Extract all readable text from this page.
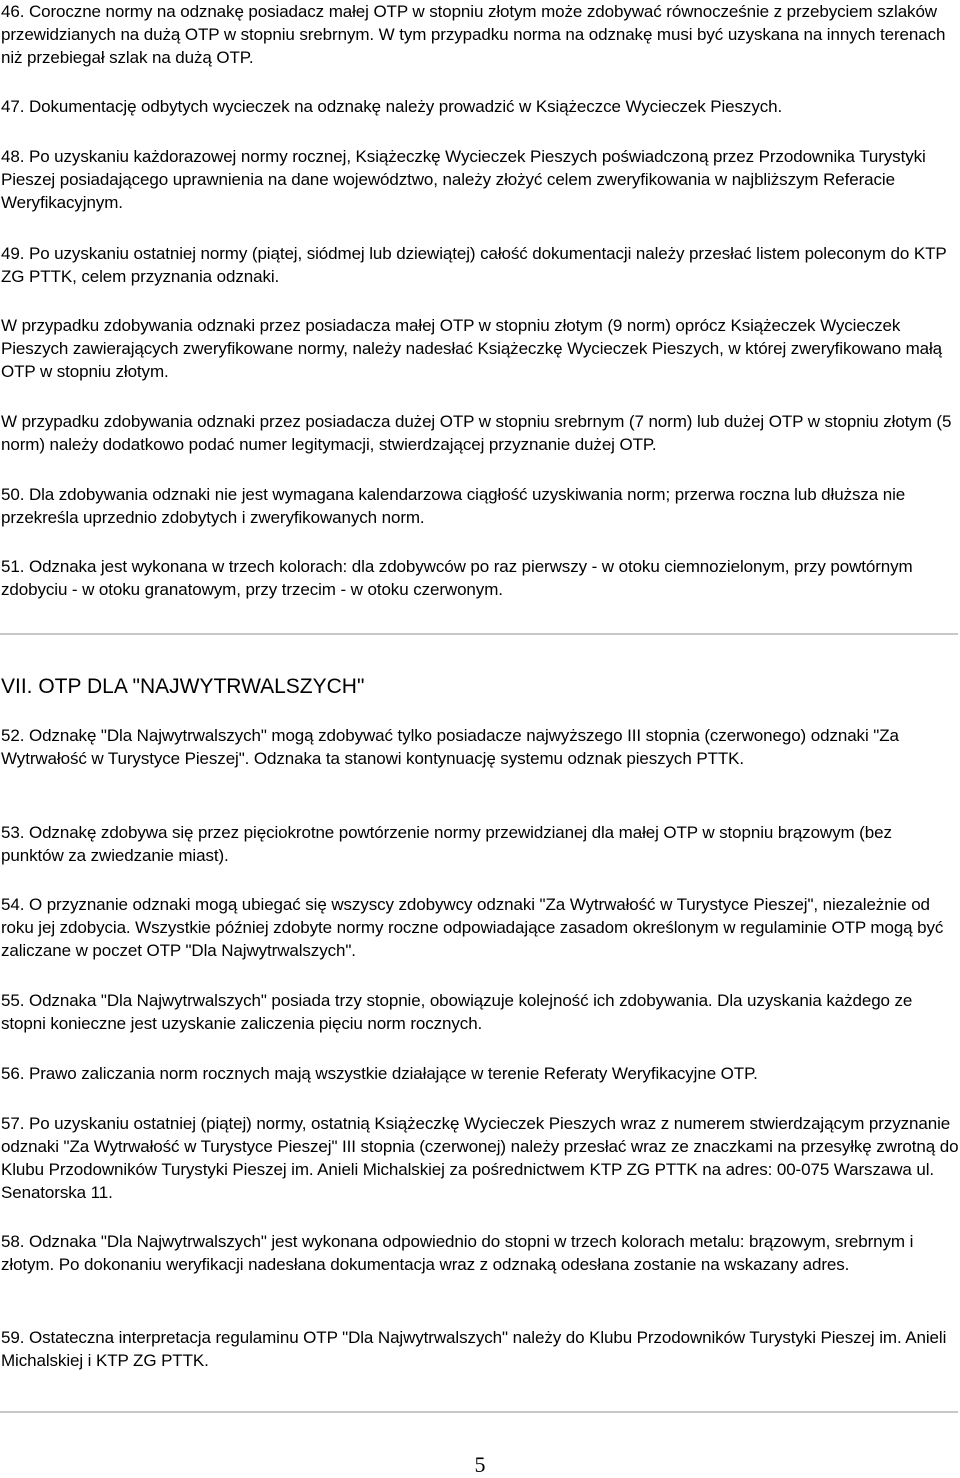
46. Coroczne normy na odznakę posiadacz małej OTP w stopniu złotym może zdobywać równocześnie z przebyciem szlaków przewidzianych na dużą OTP w stopniu srebrnym. W tym przypadku norma na odznakę musi być uzyskana na innych terenach niż przebiegał szlak na dużą OTP.

47. Dokumentację odbytych wycieczek na odznakę należy prowadzić w Książeczce Wycieczek Pieszych.

48. Po uzyskaniu każdorazowej normy rocznej, Książeczkę Wycieczek Pieszych poświadczoną przez Przodownika Turystyki Pieszej posiadającego uprawnienia na dane województwo, należy złożyć celem zweryfikowania w najbliższym Referacie Weryfikacyjnym.

49. Po uzyskaniu ostatniej normy (piątej, siódmej lub dziewiątej) całość dokumentacji należy przesłać listem poleconym do KTP ZG PTTK, celem przyznania odznaki.

W przypadku zdobywania odznaki przez posiadacza małej OTP w stopniu złotym (9 norm) oprócz Książeczek Wycieczek Pieszych zawierających zweryfikowane normy, należy nadesłać Książeczkę Wycieczek Pieszych, w której zweryfikowano małą OTP w stopniu złotym.

W przypadku zdobywania odznaki przez posiadacza dużej OTP w stopniu srebrnym (7 norm) lub dużej OTP w stopniu złotym (5 norm) należy dodatkowo podać numer legitymacji, stwierdzającej przyznanie dużej OTP.

50. Dla zdobywania odznaki nie jest wymagana kalendarzowa ciągłość uzyskiwania norm; przerwa roczna lub dłuższa nie przekreśla uprzednio zdobytych i zweryfikowanych norm.

51. Odznaka jest wykonana w trzech kolorach: dla zdobywców po raz pierwszy - w otoku ciemnozielonym, przy powtórnym zdobyciu - w otoku granatowym, przy trzecim - w otoku czerwonym.

VII. OTP DLA "NAJWYTRWALSZYCH"

52. Odznakę "Dla Najwytrwalszych" mogą zdobywać tylko posiadacze najwyższego III stopnia (czerwonego) odznaki "Za Wytrwałość w Turystyce Pieszej". Odznaka ta stanowi kontynuację systemu odznak pieszych PTTK.

53. Odznakę zdobywa się przez pięciokrotne powtórzenie normy przewidzianej dla małej OTP w stopniu brązowym (bez punktów za zwiedzanie miast).

54. O przyznanie odznaki mogą ubiegać się wszyscy zdobywcy odznaki "Za Wytrwałość w Turystyce Pieszej", niezależnie od roku jej zdobycia. Wszystkie później zdobyte normy roczne odpowiadające zasadom określonym w regulaminie OTP mogą być zaliczane w poczet OTP "Dla Najwytrwalszych".

55. Odznaka "Dla Najwytrwalszych" posiada trzy stopnie, obowiązuje kolejność ich zdobywania. Dla uzyskania każdego ze stopni konieczne jest uzyskanie zaliczenia pięciu norm rocznych.

56. Prawo zaliczania norm rocznych mają wszystkie działające w terenie Referaty Weryfikacyjne OTP.

57. Po uzyskaniu ostatniej (piątej) normy, ostatnią Książeczkę Wycieczek Pieszych wraz z numerem stwierdzającym przyznanie odznaki "Za Wytrwałość w Turystyce Pieszej" III stopnia (czerwonej) należy przesłać wraz ze znaczkami na przesyłkę zwrotną do Klubu Przodowników Turystyki Pieszej im. Anieli Michalskiej za pośrednictwem KTP ZG PTTK na adres: 00-075 Warszawa ul. Senatorska 11.

58. Odznaka "Dla Najwytrwalszych" jest wykonana odpowiednio do stopni w trzech kolorach metalu: brązowym, srebrnym i złotym. Po dokonaniu weryfikacji nadesłana dokumentacja wraz z odznaką odesłana zostanie na wskazany adres.

59. Ostateczna interpretacja regulaminu OTP "Dla Najwytrwalszych" należy do Klubu Przodowników Turystyki Pieszej im. Anieli Michalskiej i KTP ZG PTTK.

5
